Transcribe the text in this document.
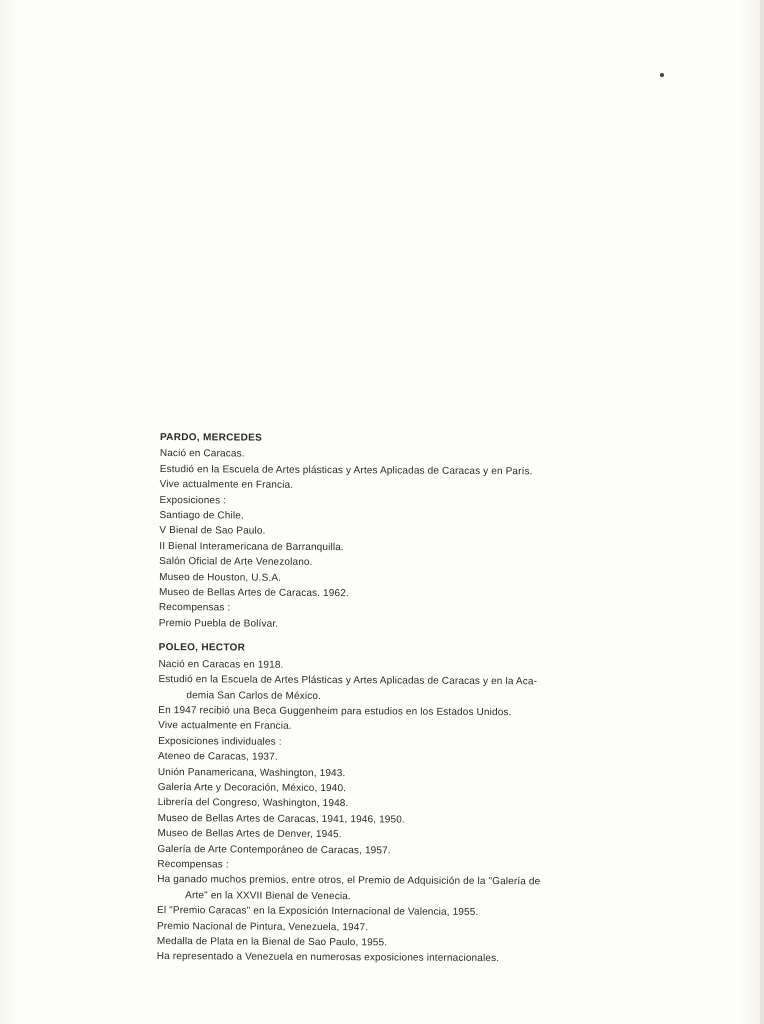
PARDO, MERCEDES
Nació en Caracas.
Estudió en la Escuela de Artes plásticas y Artes Aplicadas de Caracas y en París.
Vive actualmente en Francia.
Exposiciones :
Santiago de Chile.
V Bienal de Sao Paulo.
II Bienal Interamericana de Barranquilla.
Salón Oficial de Arte Venezolano.
Museo de Houston, U.S.A.
Museo de Bellas Artes de Caracas. 1962.
Recompensas :
Premio Puebla de Bolívar.
POLEO, HECTOR
Nació en Caracas en 1918.
Estudió en la Escuela de Artes Plásticas y Artes Aplicadas de Caracas y en la Aca-
demia San Carlos de México.
En 1947 recibió una Beca Guggenheim para estudios en los Estados Unidos.
Vive actualmente en Francia.
Exposiciones individuales :
Ateneo de Caracas, 1937.
Unión Panamericana, Washington, 1943.
Galería Arte y Decoración, México, 1940.
Librería del Congreso, Washington, 1948.
Museo de Bellas Artes de Caracas, 1941, 1946, 1950.
Museo de Bellas Artes de Denver, 1945.
Galería de Arte Contemporáneo de Caracas, 1957.
Recompensas :
Ha ganado muchos premios, entre otros, el Premio de Adquisición de la "Galería de
Arte" en la XXVII Bienal de Venecia.
El "Premio Caracas" en la Exposición Internacional de Valencia, 1955.
Premio Nacional de Pintura, Venezuela, 1947.
Medalla de Plata en la Bienal de Sao Paulo, 1955.
Ha representado a Venezuela en numerosas exposiciones internacionales.
